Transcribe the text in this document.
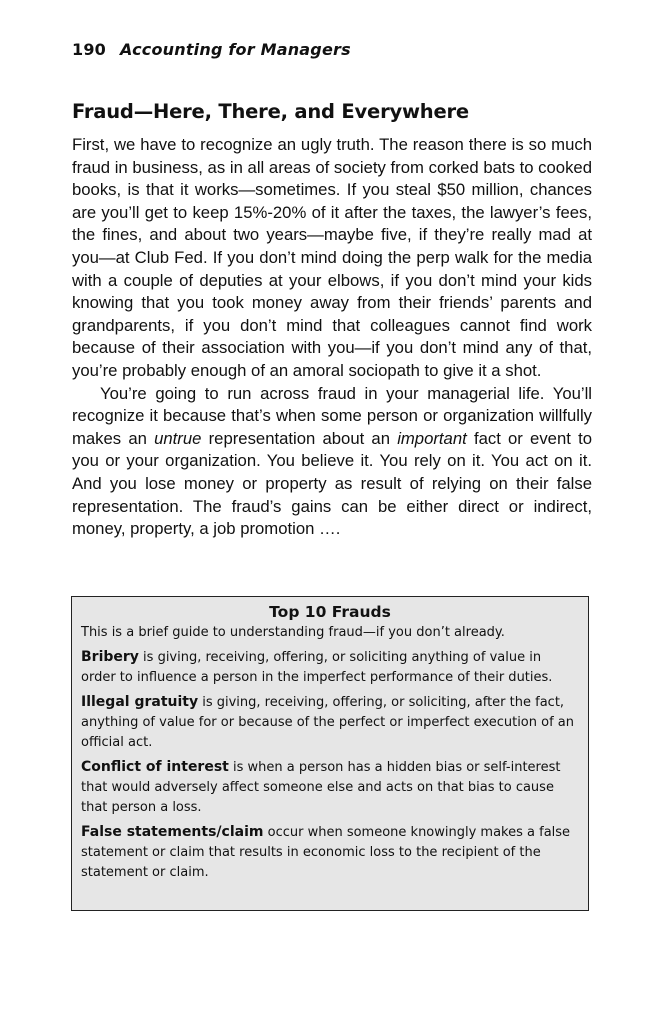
190 Accounting for Managers
Fraud—Here, There, and Everywhere

First, we have to recognize an ugly truth. The reason there is so much fraud in business, as in all areas of society from corked bats to cooked books, is that it works—sometimes. If you steal $50 million, chances are you’ll get to keep 15%-20% of it after the taxes, the lawyer’s fees, the fines, and about two years—maybe five, if they’re really mad at you—at Club Fed. If you don’t mind doing the perp walk for the media with a couple of deputies at your elbows, if you don’t mind your kids knowing that you took money away from their friends’ parents and grandparents, if you don’t mind that colleagues cannot find work because of their association with you—if you don’t mind any of that, you’re probably enough of an amoral sociopath to give it a shot.

You’re going to run across fraud in your managerial life. You’ll recognize it because that’s when some person or organization willfully makes an untrue representation about an important fact or event to you or your organization. You believe it. You rely on it. You act on it. And you lose money or property as result of relying on their false representation. The fraud’s gains can be either direct or indirect, money, property, a job promotion ….

Top 10 Frauds

This is a brief guide to understanding fraud—if you don’t already.

Bribery is giving, receiving, offering, or soliciting anything of value in order to influence a person in the imperfect performance of their duties.

Illegal gratuity is giving, receiving, offering, or soliciting, after the fact, anything of value for or because of the perfect or imperfect execution of an official act.

Conflict of interest is when a person has a hidden bias or self-interest that would adversely affect someone else and acts on that bias to cause that person a loss.

False statements/claim occur when someone knowingly makes a false statement or claim that results in economic loss to the recipient of the statement or claim.
